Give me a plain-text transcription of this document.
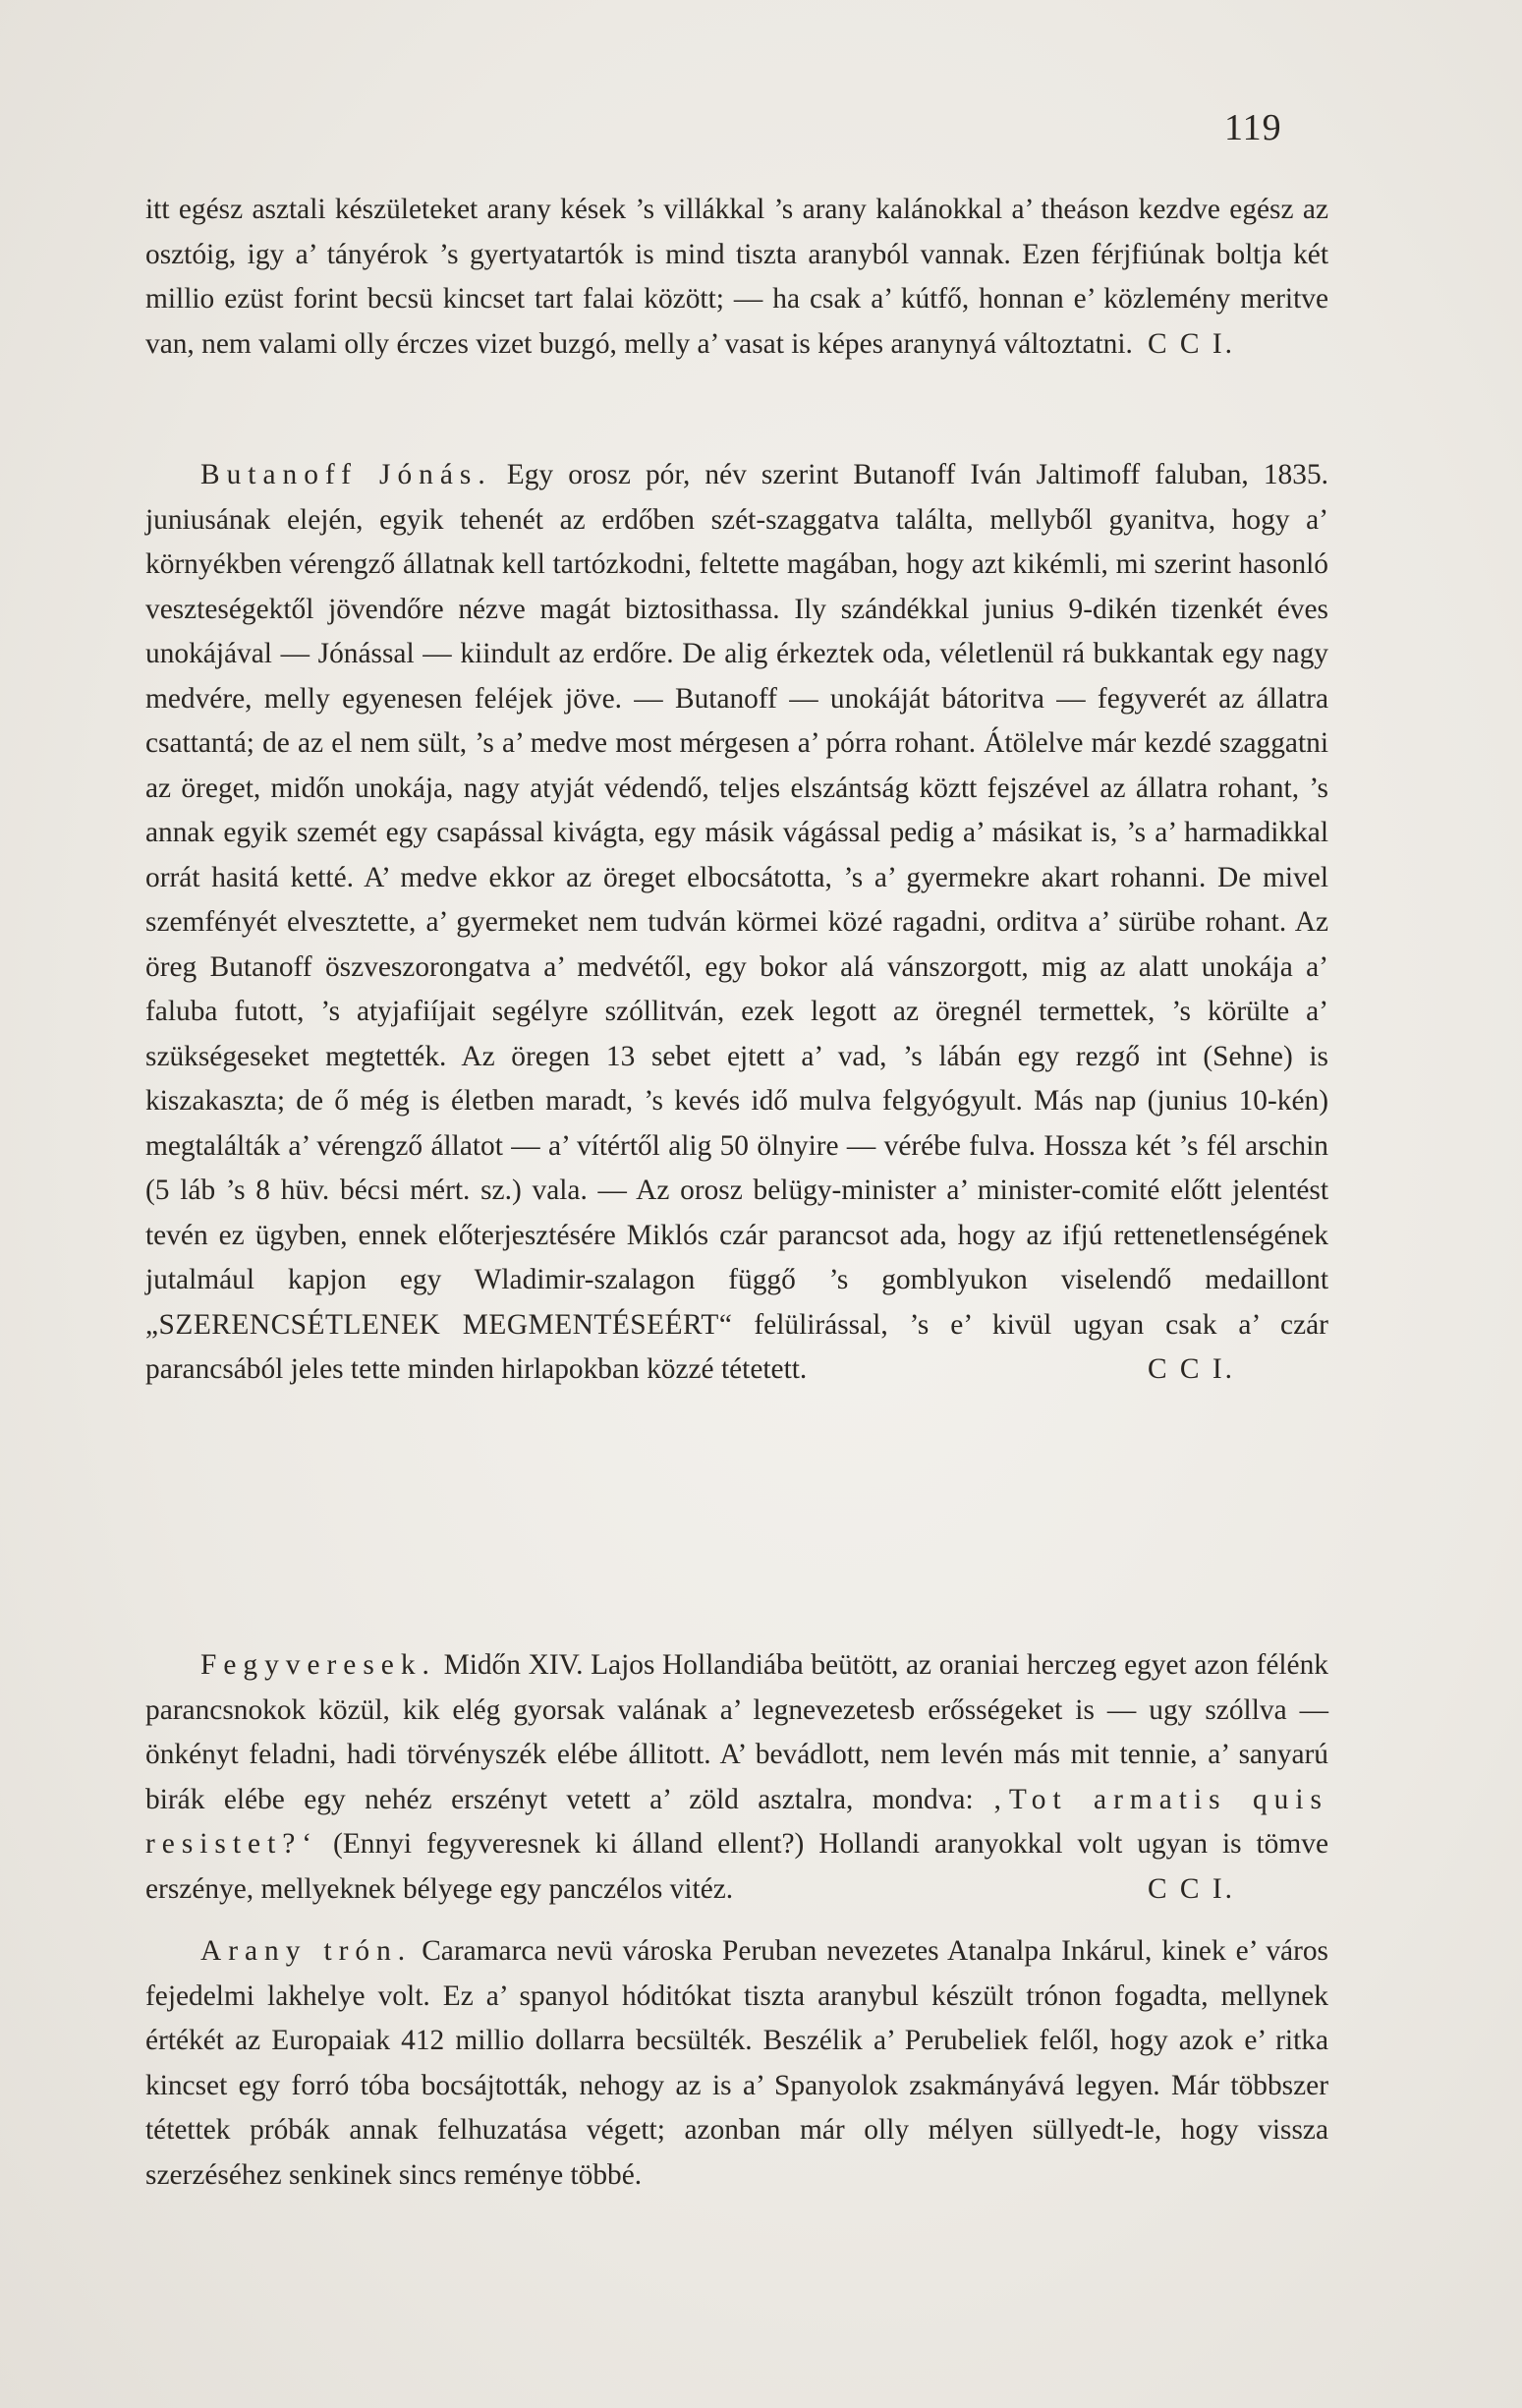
119

itt egész asztali készületeket arany kések ’s villákkal ’s arany kalánokkal a’ theáson kezdve egész az osztóig, igy a’ tányérok ’s gyertyatartók is mind tiszta aranyból vannak. Ezen férjfiúnak boltja két millio ezüst forint becsü kincset tart falai között; — ha csak a’ kútfő, honnan e’ közlemény meritve van, nem valami olly érczes vizet buzgó, melly a’ vasat is képes aranynyá változtatni. C C I.

Butanoff Jónás. Egy orosz pór, név szerint Butanoff Iván Jaltimoff faluban, 1835. juniusának elején, egyik tehenét az erdőben szét-szaggatva találta, mellyből gyanitva, hogy a’ környékben vérengző állatnak kell tartózkodni, feltette magában, hogy azt kikémli, mi szerint hasonló veszteségektől jövendőre nézve magát biztosithassa. Ily szándékkal junius 9-dikén tizenkét éves unokájával — Jónással — kiindult az erdőre. De alig érkeztek oda, véletlenül rá bukkantak egy nagy medvére, melly egyenesen feléjek jöve. — Butanoff — unokáját bátoritva — fegyverét az állatra csattantá; de az el nem sült, ’s a’ medve most mérgesen a’ pórra rohant. Átölelve már kezdé szaggatni az öreget, midőn unokája, nagy atyját védendő, teljes elszántság köztt fejszével az állatra rohant, ’s annak egyik szemét egy csapással kivágta, egy másik vágással pedig a’ másikat is, ’s a’ harmadikkal orrát hasitá ketté. A’ medve ekkor az öreget elbocsátotta, ’s a’ gyermekre akart rohanni. De mivel szemfényét elvesztette, a’ gyermeket nem tudván körmei közé ragadni, orditva a’ sürübe rohant. Az öreg Butanoff öszveszorongatva a’ medvétől, egy bokor alá vánszorgott, mig az alatt unokája a’ faluba futott, ’s atyjafiíjait segélyre szóllitván, ezek legott az öregnél termettek, ’s körülte a’ szükségeseket megtették. Az öregen 13 sebet ejtett a’ vad, ’s lábán egy rezgő int (Sehne) is kiszakaszta; de ő még is életben maradt, ’s kevés idő mulva felgyógyult. Más nap (junius 10-kén) megtalálták a’ vérengző állatot — a’ vítértől alig 50 ölnyire — vérébe fulva. Hossza két ’s fél arschin (5 láb ’s 8 hüv. bécsi mért. sz.) vala. — Az orosz belügy-minister a’ minister-comité előtt jelentést tevén ez ügyben, ennek előterjesztésére Miklós czár parancsot ada, hogy az ifjú rettenetlenségének jutalmául kapjon egy Wladimir-szalagon függő ’s gomblyukon viselendő medaillont „SZERENCSÉTLENEK MEGMENTÉSEÉRT“ felülirással, ’s e’ kivül ugyan csak a’ czár parancsából jeles tette minden hirlapokban közzé tétetett.	C C I.

Fegyveresek. Midőn XIV. Lajos Hollandiába beütött, az oraniai herczeg egyet azon félénk parancsnokok közül, kik elég gyorsak valának a’ legnevezetesb erősségeket is — ugy szóllva — önkényt feladni, hadi törvényszék elébe állitott. A’ bevádlott, nem levén más mit tennie, a’ sanyarú birák elébe egy nehéz erszényt vetett a’ zöld asztalra, mondva: ‚Tot armatis quis resistet?‘ (Ennyi fegyveresnek ki álland ellent?) Hollandi aranyokkal volt ugyan is tömve erszénye, mellyeknek bélyege egy panczélos vitéz.	C C I.

Arany trón. Caramarca nevü városka Peruban nevezetes Atanalpa Inkárul, kinek e’ város fejedelmi lakhelye volt. Ez a’ spanyol hóditókat tiszta aranybul készült trónon fogadta, mellynek értékét az Europaiak 412 millio dollarra becsülték. Beszélik a’ Perubeliek felől, hogy azok e’ ritka kincset egy forró tóba bocsájtották, nehogy az is a’ Spanyolok zsakmányává legyen. Már többszer tétettek próbák annak felhuzatása végett; azonban már olly mélyen süllyedt-le, hogy vissza szerzéséhez senkinek sincs reménye többé.
